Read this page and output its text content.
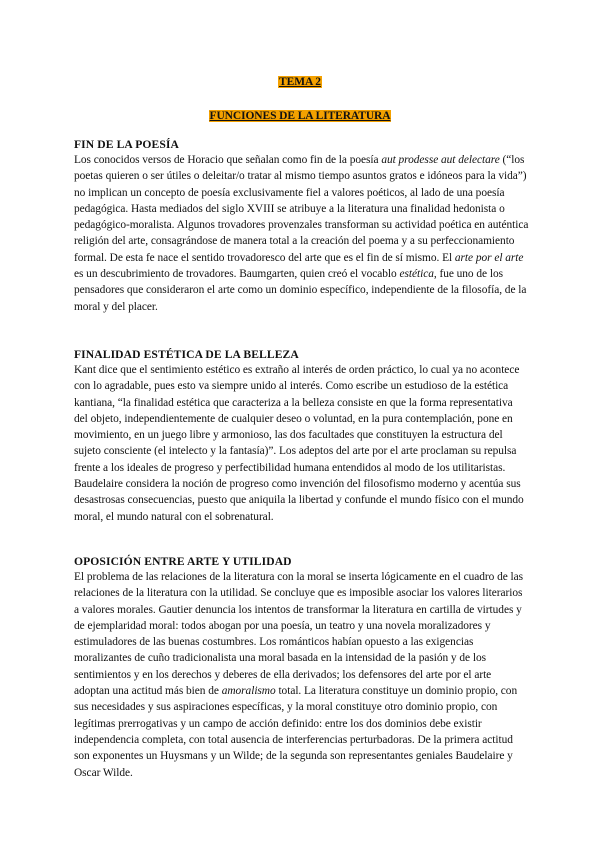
TEMA 2
FUNCIONES DE LA LITERATURA
FIN DE LA POESÍA

Los conocidos versos de Horacio que señalan como fin de la poesía aut prodesse aut delectare (“los poetas quieren o ser útiles o deleitar/o tratar al mismo tiempo asuntos gratos e idóneos para la vida”) no implican un concepto de poesía exclusivamente fiel a valores poéticos, al lado de una poesía pedagógica. Hasta mediados del siglo XVIII se atribuye a la literatura una finalidad hedonista o pedagógico-moralista. Algunos trovadores provenzales transforman su actividad poética en auténtica religión del arte, consagrándose de manera total a la creación del poema y a su perfeccionamiento formal. De esta fe nace el sentido trovadoresco del arte que es el fin de sí mismo. El arte por el arte es un descubrimiento de trovadores. Baumgarten, quien creó el vocablo estética, fue uno de los pensadores que consideraron el arte como un dominio específico, independiente de la filosofía, de la moral y del placer.

FINALIDAD ESTÉTICA DE LA BELLEZA

Kant dice que el sentimiento estético es extraño al interés de orden práctico, lo cual ya no acontece con lo agradable, pues esto va siempre unido al interés. Como escribe un estudioso de la estética kantiana, “la finalidad estética que caracteriza a la belleza consiste en que la forma representativa del objeto, independientemente de cualquier deseo o voluntad, en la pura contemplación, pone en movimiento, en un juego libre y armonioso, las dos facultades que constituyen la estructura del sujeto consciente (el intelecto y la fantasía)”. Los adeptos del arte por el arte proclaman su repulsa frente a los ideales de progreso y perfectibilidad humana entendidos al modo de los utilitaristas. Baudelaire considera la noción de progreso como invención del filosofismo moderno y acentúa sus desastrosas consecuencias, puesto que aniquila la libertad y confunde el mundo físico con el mundo moral, el mundo natural con el sobrenatural.

OPOSICIÓN ENTRE ARTE Y UTILIDAD

El problema de las relaciones de la literatura con la moral se inserta lógicamente en el cuadro de las relaciones de la literatura con la utilidad. Se concluye que es imposible asociar los valores literarios a valores morales. Gautier denuncia los intentos de transformar la literatura en cartilla de virtudes y de ejemplaridad moral: todos abogan por una poesía, un teatro y una novela moralizadores y estimuladores de las buenas costumbres. Los románticos habían opuesto a las exigencias moralizantes de cuño tradicionalista una moral basada en la intensidad de la pasión y de los sentimientos y en los derechos y deberes de ella derivados; los defensores del arte por el arte adoptan una actitud más bien de amoralismo total. La literatura constituye un dominio propio, con sus necesidades y sus aspiraciones específicas, y la moral constituye otro dominio propio, con legítimas prerrogativas y un campo de acción definido: entre los dos dominios debe existir independencia completa, con total ausencia de interferencias perturbadoras. De la primera actitud son exponentes un Huysmans y un Wilde; de la segunda son representantes geniales Baudelaire y Oscar Wilde.
